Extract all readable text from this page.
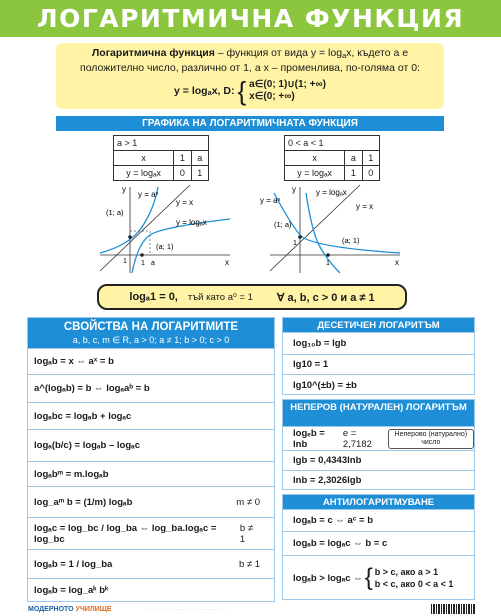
ЛОГАРИТМИЧНА ФУНКЦИЯ
Логаритмична функция – функция от вида $y = \log_ax$, където a е
положително число, различно от 1, а x – променлива, по-голяма от 0:
y = log $_a$ x, D: { a∈(0; 1)∪(1; +∞)
x∈(0; +∞)
ГРАФИКА НА ЛОГАРИТМИЧНАТА ФУНКЦИЯ
a > 1		
x	1	a
y = logₐx	0	1
0 < a < 1		
x	a	1
y = logₐx	1	0
y
x
1 1 a
(1; a)
(a; 1)
y = aˣ
y = x
y = logₐx
y
x
1
1
(1; a)
(a; 1)
y = logₐx
y = x
y = aˣ
logₐ1 = 0, тъй като a⁰ = 1 ∀ a, b, c > 0 и a ≠ 1
СВОЙСТВА НА ЛОГАРИТМИТЕ
a, b, c, m ∈ R, a > 0; a ≠ 1; b > 0; c > 0
logₐb = x ⇔ aˣ = b
a^(logₐb) = b ⇔ logₐaᵇ = b
logₐbc = logₐb + logₐc
logₐ(b/c) = logₐb – logₐc
logₐbᵐ = m.logₐb
log_aᵐ b = (1/m) logₐb	m ≠ 0
logₐc = log_bc / log_ba ⇔ log_ba.logₐc = log_bc
b ≠ 1
logₐb = 1 / log_ba	b ≠ 1
logₐb = log_aᵏ bᵏ
ДЕСЕТИЧЕН ЛОГАРИТЪМ
log₁₀b = lgb
lg10 = 1
lg10^(±b) = ±b
НЕПЕРОВ (НАТУРАЛЕН) ЛОГАРИТЪМ
logₑb = lnb
e = 2,7182
Неперово (натурално) число
lgb = 0,4343lnb
lnb = 2,3026lgb
АНТИЛОГАРИТМУВАНЕ
logₐb = c ⇔ aᶜ = b
logₐb = logₐc ⇔ b = c
logₐb > logₐc ⇔ { b > c, ако a > 1
b < c, ако 0 < a < 1
МОДЕРНОТО УЧИЛИЩЕ	· · · · · · · · · · · · · · · · · · · · · · · · · · · · · · · · · ·
